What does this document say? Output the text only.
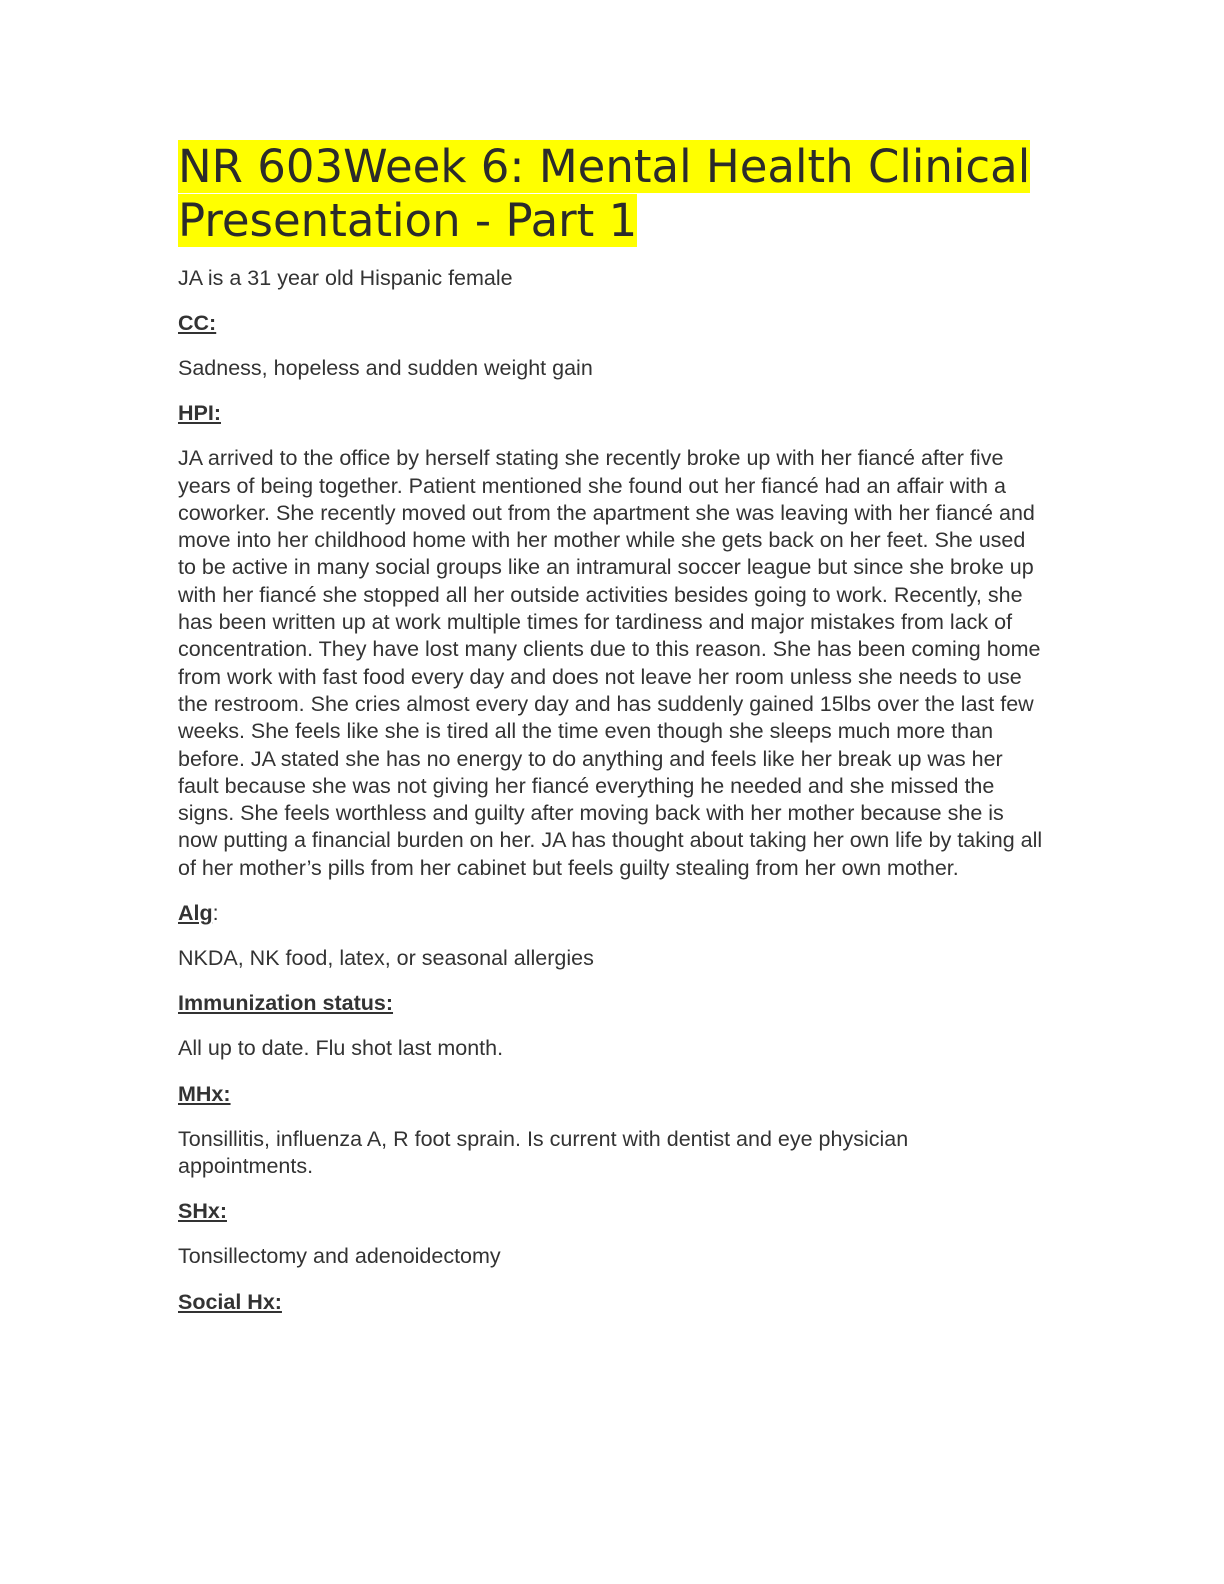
NR 603Week 6: Mental Health Clinical Presentation - Part 1

JA is a 31 year old Hispanic female

CC:

Sadness, hopeless and sudden weight gain

HPI:

JA arrived to the office by herself stating she recently broke up with her fiancé after five years of being together. Patient mentioned she found out her fiancé had an affair with a coworker. She recently moved out from the apartment she was leaving with her fiancé and move into her childhood home with her mother while she gets back on her feet. She used to be active in many social groups like an intramural soccer league but since she broke up with her fiancé she stopped all her outside activities besides going to work. Recently, she has been written up at work multiple times for tardiness and major mistakes from lack of concentration. They have lost many clients due to this reason. She has been coming home from work with fast food every day and does not leave her room unless she needs to use the restroom. She cries almost every day and has suddenly gained 15lbs over the last few weeks. She feels like she is tired all the time even though she sleeps much more than before. JA stated she has no energy to do anything and feels like her break up was her fault because she was not giving her fiancé everything he needed and she missed the signs. She feels worthless and guilty after moving back with her mother because she is now putting a financial burden on her. JA has thought about taking her own life by taking all of her mother’s pills from her cabinet but feels guilty stealing from her own mother.

Alg:

NKDA, NK food, latex, or seasonal allergies

Immunization status:

All up to date. Flu shot last month.

MHx:

Tonsillitis, influenza A, R foot sprain. Is current with dentist and eye physician appointments.

SHx:

Tonsillectomy and adenoidectomy

Social Hx:
